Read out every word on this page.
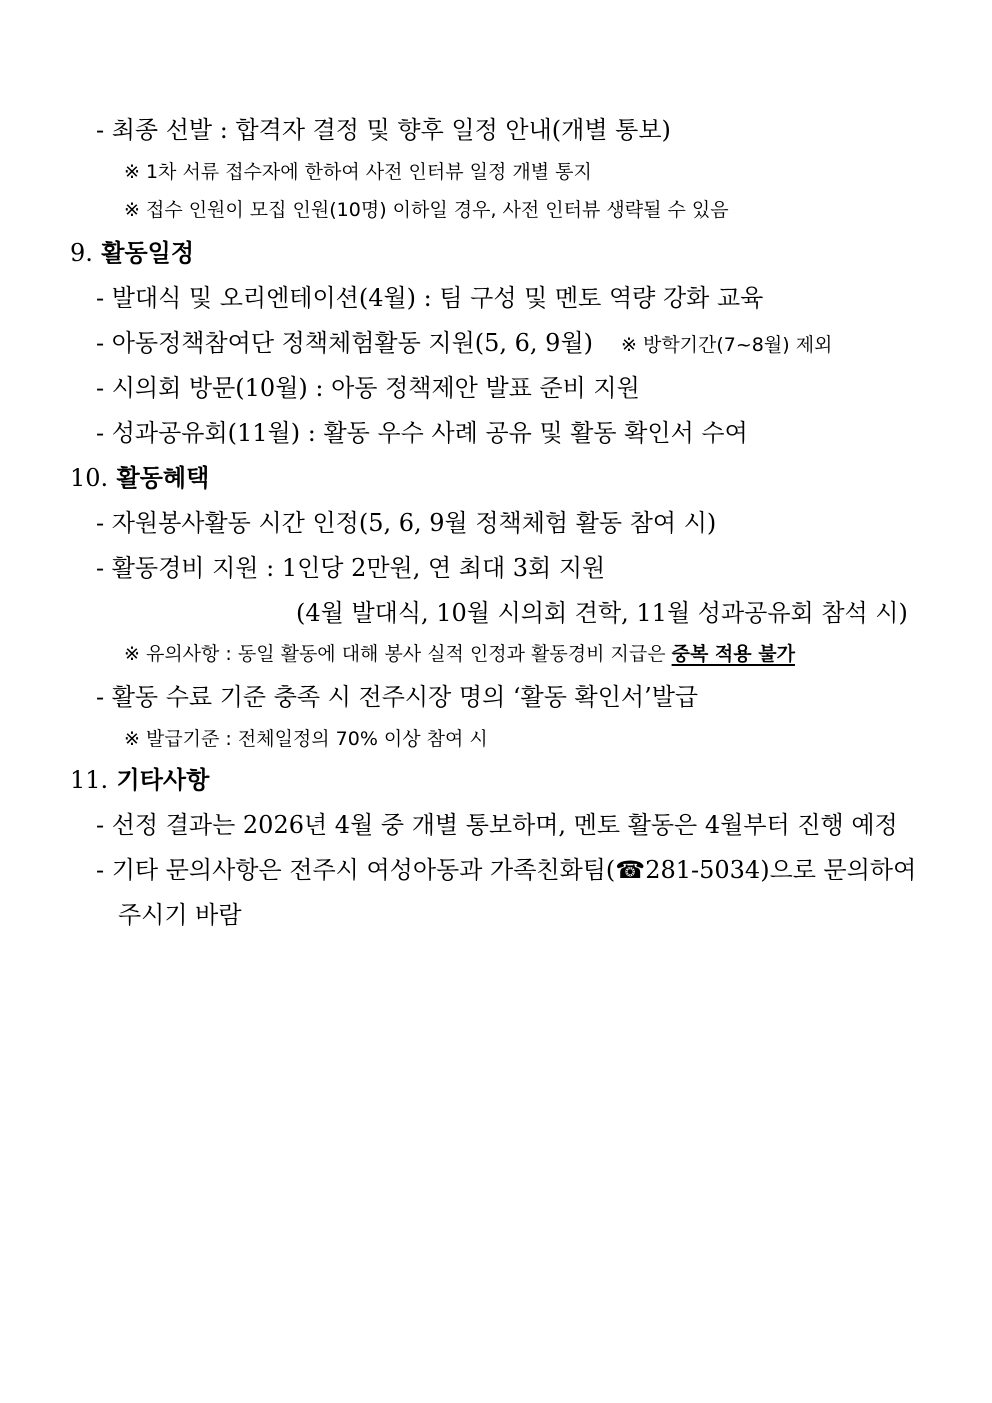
- 최종 선발 : 합격자 결정 및 향후 일정 안내(개별 통보)
※ 1차 서류 접수자에 한하여 사전 인터뷰 일정 개별 통지
※ 접수 인원이 모집 인원(10명) 이하일 경우, 사전 인터뷰 생략될 수 있음
9. 활동일정
- 발대식 및 오리엔테이션(4월) : 팀 구성 및 멘토 역량 강화 교육
- 아동정책참여단 정책체험활동 지원(5, 6, 9월) ※ 방학기간(7~8월) 제외
- 시의회 방문(10월) : 아동 정책제안 발표 준비 지원
- 성과공유회(11월) : 활동 우수 사례 공유 및 활동 확인서 수여
10. 활동혜택
- 자원봉사활동 시간 인정(5, 6, 9월 정책체험 활동 참여 시)
- 활동경비 지원 : 1인당 2만원, 연 최대 3회 지원
(4월 발대식, 10월 시의회 견학, 11월 성과공유회 참석 시)
※ 유의사항 : 동일 활동에 대해 봉사 실적 인정과 활동경비 지급은 중복 적용 불가
- 활동 수료 기준 충족 시 전주시장 명의 ‘활동 확인서’발급
※ 발급기준 : 전체일정의 70% 이상 참여 시
11. 기타사항
- 선정 결과는 2026년 4월 중 개별 통보하며, 멘토 활동은 4월부터 진행 예정
- 기타 문의사항은 전주시 여성아동과 가족친화팀(☎281-5034)으로 문의하여
주시기 바람
